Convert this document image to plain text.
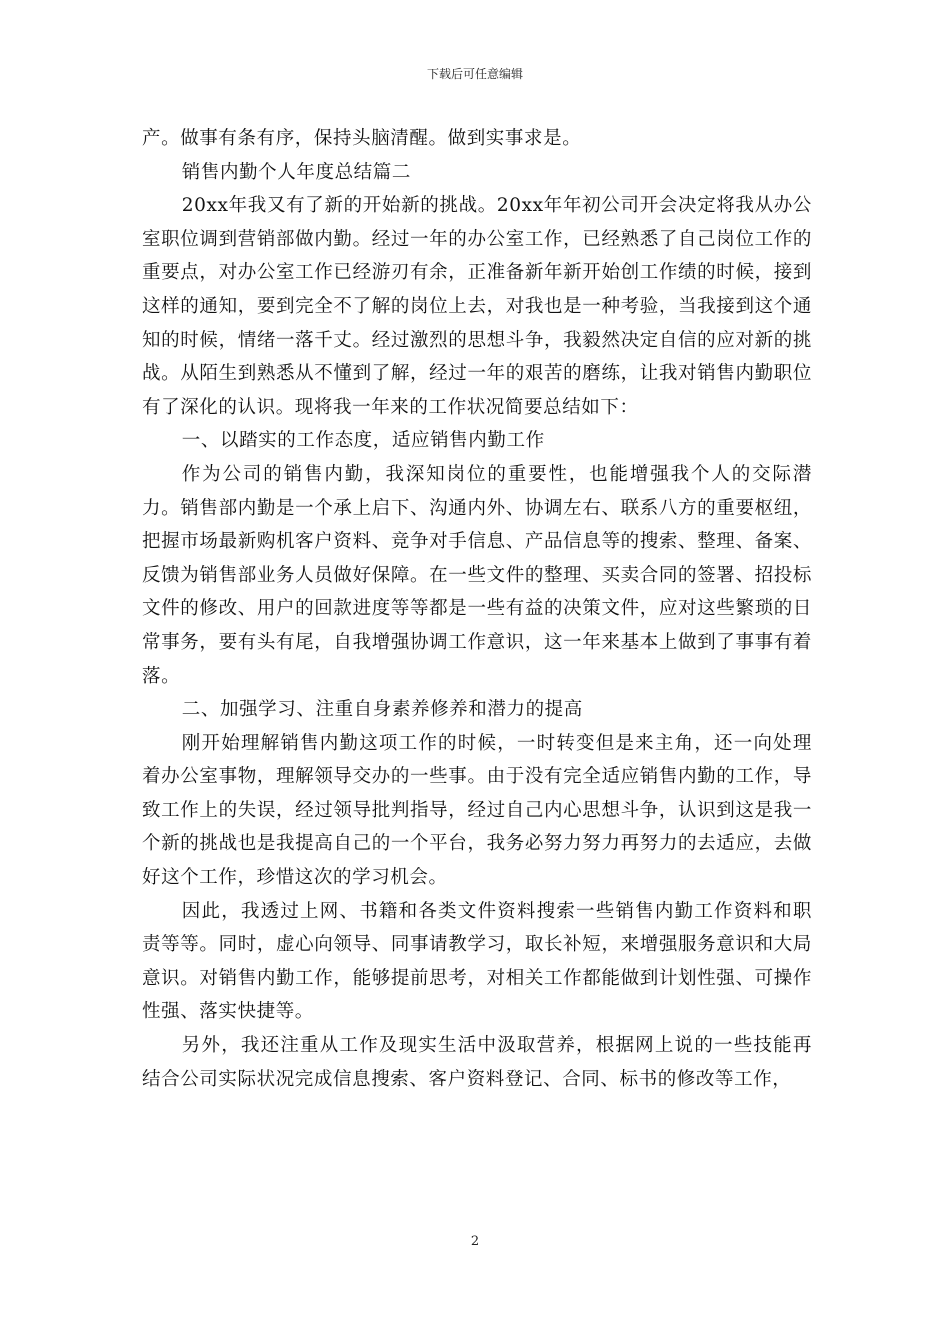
下载后可任意编辑

产。做事有条有序，保持头脑清醒。做到实事求是。

销售内勤个人年度总结篇二

20xx年我又有了新的开始新的挑战。20xx年年初公司开会决定将我从办公室职位调到营销部做内勤。经过一年的办公室工作，已经熟悉了自己岗位工作的重要点，对办公室工作已经游刃有余，正准备新年新开始创工作绩的时候，接到这样的通知，要到完全不了解的岗位上去，对我也是一种考验，当我接到这个通知的时候，情绪一落千丈。经过激烈的思想斗争，我毅然决定自信的应对新的挑战。从陌生到熟悉从不懂到了解，经过一年的艰苦的磨练，让我对销售内勤职位有了深化的认识。现将我一年来的工作状况简要总结如下：

一、以踏实的工作态度，适应销售内勤工作

作为公司的销售内勤，我深知岗位的重要性，也能增强我个人的交际潜力。销售部内勤是一个承上启下、沟通内外、协调左右、联系八方的重要枢纽，把握市场最新购机客户资料、竞争对手信息、产品信息等的搜索、整理、备案、反馈为销售部业务人员做好保障。在一些文件的整理、买卖合同的签署、招投标文件的修改、用户的回款进度等等都是一些有益的决策文件，应对这些繁琐的日常事务，要有头有尾，自我增强协调工作意识，这一年来基本上做到了事事有着落。

二、加强学习、注重自身素养修养和潜力的提高

刚开始理解销售内勤这项工作的时候，一时转变但是来主角，还一向处理着办公室事物，理解领导交办的一些事。由于没有完全适应销售内勤的工作，导致工作上的失误，经过领导批判指导，经过自己内心思想斗争，认识到这是我一个新的挑战也是我提高自己的一个平台，我务必努力努力再努力的去适应，去做好这个工作，珍惜这次的学习机会。

因此，我透过上网、书籍和各类文件资料搜索一些销售内勤工作资料和职责等等。同时，虚心向领导、同事请教学习，取长补短，来增强服务意识和大局意识。对销售内勤工作，能够提前思考，对相关工作都能做到计划性强、可操作性强、落实快捷等。

另外，我还注重从工作及现实生活中汲取营养，根据网上说的一些技能再结合公司实际状况完成信息搜索、客户资料登记、合同、标书的修改等工作，

2
